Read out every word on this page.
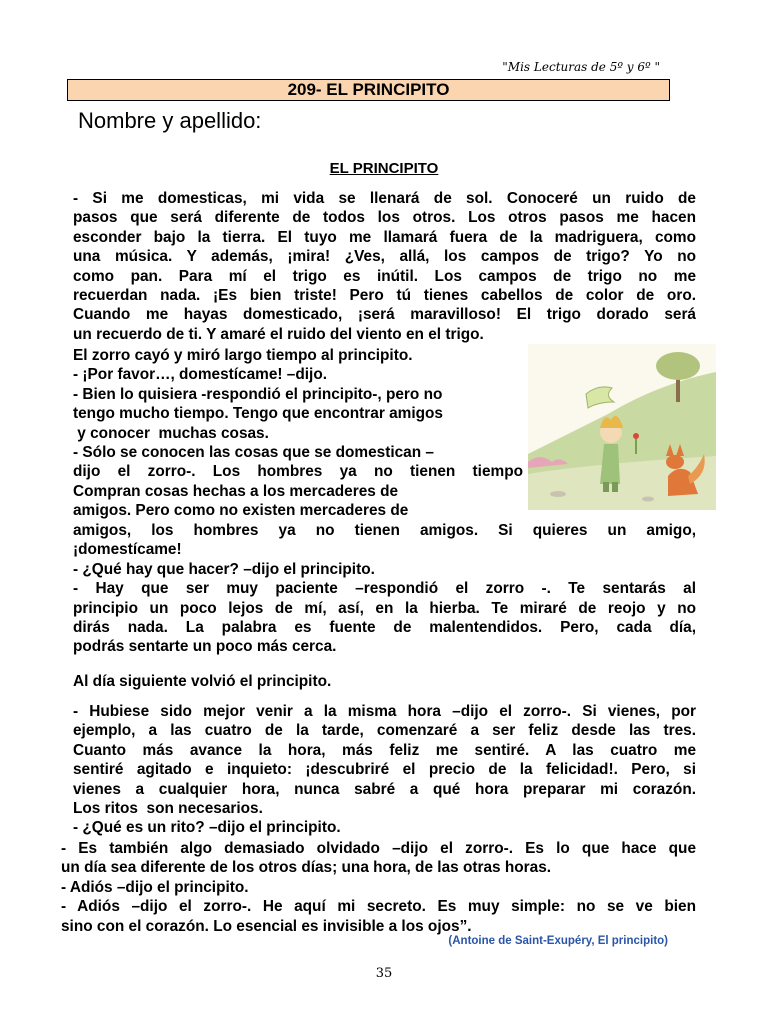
"Mis Lecturas de 5º y 6º "
209- EL PRINCIPITO
Nombre y apellido:
EL PRINCIPITO
- Si me domesticas, mi vida se llenará de sol. Conoceré un ruido de
pasos que será diferente de todos los otros. Los otros pasos me hacen
esconder bajo la tierra. El tuyo me llamará fuera de la madriguera, como
una música. Y además, ¡mira! ¿Ves, allá, los campos de trigo? Yo no
como pan. Para mí el trigo es inútil. Los campos de trigo no me
recuerdan nada. ¡Es bien triste! Pero tú tienes cabellos de color de oro.
Cuando me hayas domesticado, ¡será maravilloso! El trigo dorado será
un recuerdo de ti. Y amaré el ruido del viento en el trigo.
El zorro cayó y miró largo tiempo al principito.
- ¡Por favor…, domestícame! –dijo.
- Bien lo quisiera -respondió el principito-, pero no
tengo mucho tiempo. Tengo que encontrar amigos
y conocer  muchas cosas.
- Sólo se conocen las cosas que se domestican –
dijo el zorro-. Los hombres ya no tienen tiempo
Compran cosas hechas a los mercaderes de
amigos. Pero como no existen mercaderes de
amigos, los hombres ya no tienen amigos. Si quieres un amigo,
¡domestícame!
- ¿Qué hay que hacer? –dijo el principito.
- Hay que ser muy paciente –respondió el zorro -. Te sentarás al
principio un poco lejos de mí, así, en la hierba. Te miraré de reojo y no
dirás nada. La palabra es fuente de malentendidos. Pero, cada día,
podrás sentarte un poco más cerca.
Al día siguiente volvió el principito.
- Hubiese sido mejor venir a la misma hora –dijo el zorro-. Si vienes, por
ejemplo, a las cuatro de la tarde, comenzaré a ser feliz desde las tres.
Cuanto más avance la hora, más feliz me sentiré. A las cuatro me
sentiré agitado e inquieto: ¡descubriré el precio de la felicidad!. Pero, si
vienes a cualquier hora, nunca sabré a qué hora preparar mi corazón.
Los ritos  son necesarios.
- ¿Qué es un rito? –dijo el principito.
- Es también algo demasiado olvidado –dijo el zorro-. Es lo que hace que
un día sea diferente de los otros días; una hora, de las otras horas.
- Adiós –dijo el principito.
- Adiós –dijo el zorro-. He aquí mi secreto. Es muy simple: no se ve bien
sino con el corazón. Lo esencial es invisible a los ojos”.
(Antoine de Saint-Exupéry, El principito)
35
